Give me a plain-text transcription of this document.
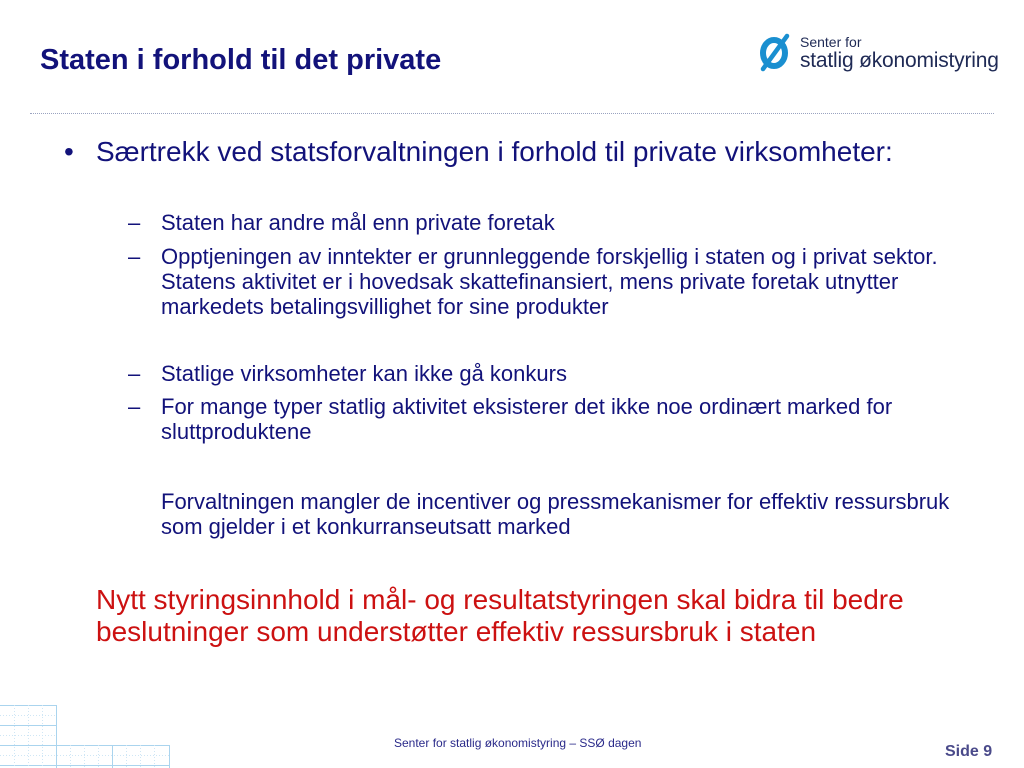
Staten i forhold til det private
Senter for
statlig økonomistyring
• Særtrekk ved statsforvaltningen i forhold til private virksomheter:
– Staten har andre mål enn private foretak
– Opptjeningen av inntekter er grunnleggende forskjellig i staten og i privat sektor. Statens aktivitet er i hovedsak skattefinansiert, mens private foretak utnytter markedets betalingsvillighet for sine produkter
– Statlige virksomheter kan ikke gå konkurs
– For mange typer statlig aktivitet eksisterer det ikke noe ordinært marked for sluttproduktene
Forvaltningen mangler de incentiver og pressmekanismer for effektiv ressursbruk som gjelder i et konkurranseutsatt marked
Nytt styringsinnhold i mål- og resultatstyringen skal bidra til bedre beslutninger som understøtter effektiv ressursbruk i staten
Senter for statlig økonomistyring – SSØ dagen	Side 9
